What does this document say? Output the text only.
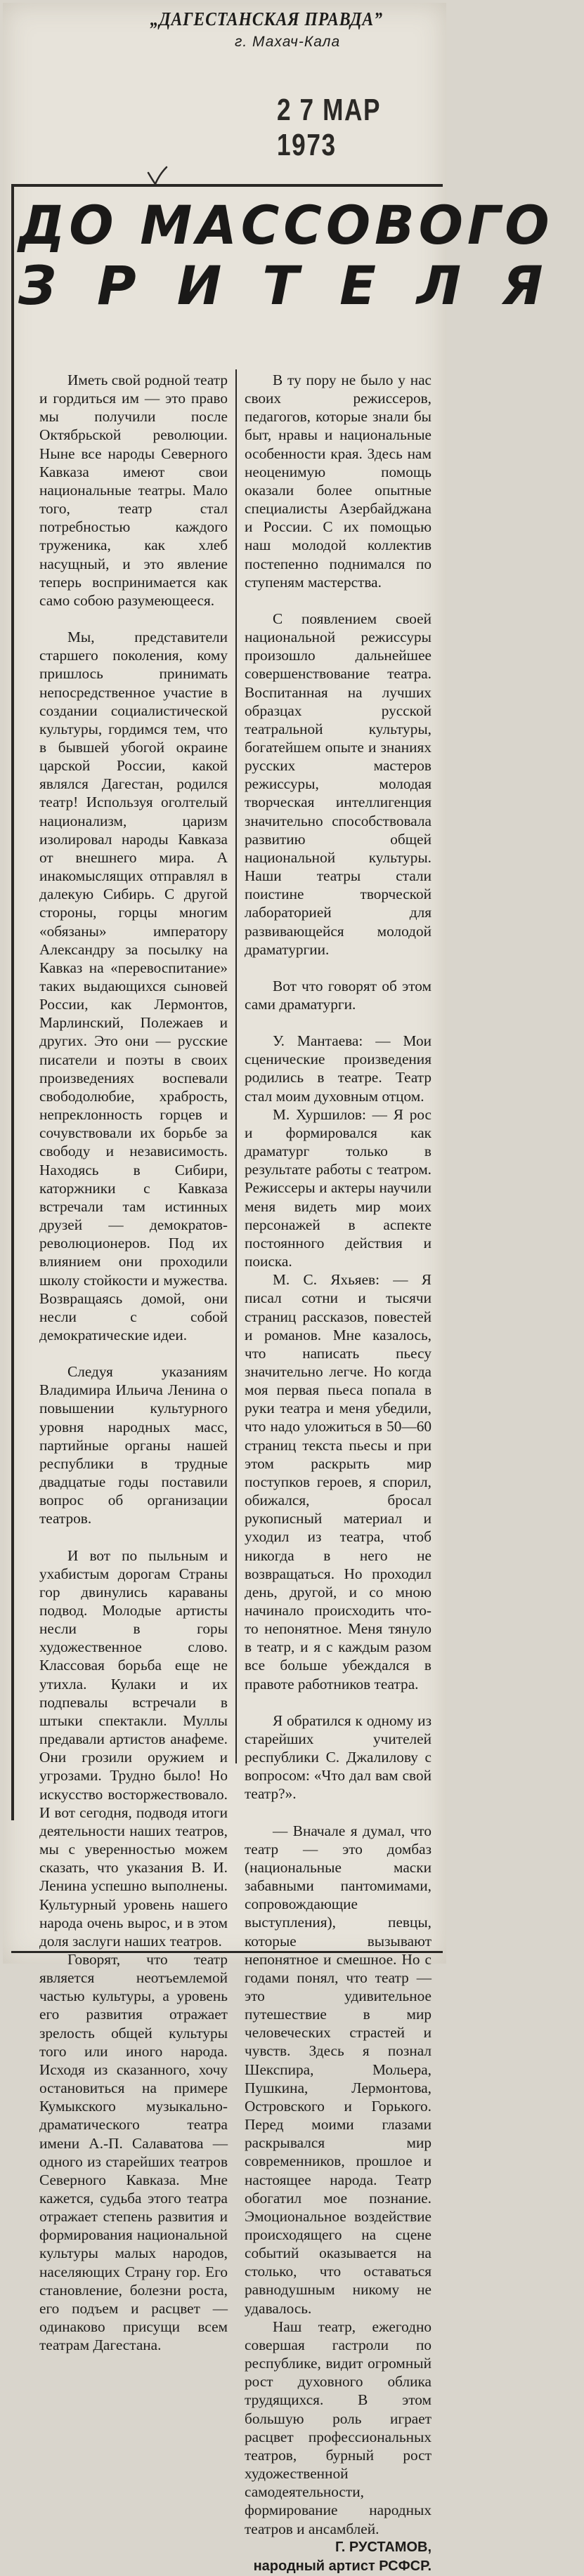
„ДАГЕСТАНСКАЯ ПРАВДА”
г. Махач-Кала
2 7 МАР 1973
ДО МАССОВОГО
ЗРИТЕЛЯ

Иметь свой родной театр и гордиться им — это право мы получили после Октябрьской революции. Ныне все народы Северного Кавказа имеют свои национальные театры. Мало того, театр стал потребностью каждого труженика, как хлеб насущный, и это явление теперь воспринимается как само собою разумеющееся.

Мы, представители старшего поколения, кому пришлось принимать непосредственное участие в создании социалистической культуры, гордимся тем, что в бывшей убогой окраине царской России, какой являлся Дагестан, родился театр! Используя оголтелый национализм, царизм изолировал народы Кавказа от внешнего мира. А инакомыслящих отправлял в далекую Сибирь. С другой стороны, горцы многим «обязаны» императору Александру за посылку на Кавказ на «перевоспитание» таких выдающихся сыновей России, как Лермонтов, Марлинский, Полежаев и других. Это они — русские писатели и поэты в своих произведениях воспевали свободолюбие, храбрость, непреклонность горцев и сочувствовали их борьбе за свободу и независимость. Находясь в Сибири, каторжники с Кавказа встречали там истинных друзей — демократов-революционеров. Под их влиянием они проходили школу стойкости и мужества. Возвращаясь домой, они несли с собой демократические идеи.

Следуя указаниям Владимира Ильича Ленина о повышении культурного уровня народных масс, партийные органы нашей республики в трудные двадцатые годы поставили вопрос об организации театров.

И вот по пыльным и ухабистым дорогам Страны гор двинулись караваны подвод. Молодые артисты несли в горы художественное слово. Классовая борьба еще не утихла. Кулаки и их подпевалы встречали в штыки спектакли. Муллы предавали артистов анафеме. Они грозили оружием и угрозами. Трудно было! Но искусство восторжествовало. И вот сегодня, подводя итоги деятельности наших театров, мы с уверенностью можем сказать, что указания В. И. Ленина успешно выполнены. Культурный уровень нашего народа очень вырос, и в этом доля заслуги наших театров.

Говорят, что театр является неотъемлемой частью культуры, а уровень его развития отражает зрелость общей культуры того или иного народа. Исходя из сказанного, хочу остановиться на примере Кумыкского музыкально-драматического театра имени А.-П. Салаватова — одного из старейших театров Северного Кавказа. Мне кажется, судьба этого театра отражает степень развития и формирования национальной культуры малых народов, населяющих Страну гор. Его становление, болезни роста, его подъем и расцвет — одинаково присущи всем театрам Дагестана.

В ту пору не было у нас своих режиссеров, педагогов, которые знали бы быт, нравы и национальные особенности края. Здесь нам неоценимую помощь оказали более опытные специалисты Азербайджана и России. С их помощью наш молодой коллектив постепенно поднимался по ступеням мастерства.

С появлением своей национальной режиссуры произошло дальнейшее совершенствование театра. Воспитанная на лучших образцах русской театральной культуры, богатейшем опыте и знаниях русских мастеров режиссуры, молодая творческая интеллигенция значительно способствовала развитию общей национальной культуры. Наши театры стали поистине творческой лабораторией для развивающейся молодой драматургии.

Вот что говорят об этом сами драматурги.

У. Мантаева: — Мои сценические произведения родились в театре. Театр стал моим духовным отцом.

М. Хуршилов: — Я рос и формировался как драматург только в результате работы с театром. Режиссеры и актеры научили меня видеть мир моих персонажей в аспекте постоянного действия и поиска.

М. С. Яхьяев: — Я писал сотни и тысячи страниц рассказов, повестей и романов. Мне казалось, что написать пьесу значительно легче. Но когда моя первая пьеса попала в руки театра и меня убедили, что надо уложиться в 50—60 страниц текста пьесы и при этом раскрыть мир поступков героев, я спорил, обижался, бросал рукописный материал и уходил из театра, чтоб никогда в него не возвращаться. Но проходил день, другой, и со мною начинало происходить что-то непонятное. Меня тянуло в театр, и я с каждым разом все больше убеждался в правоте работников театра.

Я обратился к одному из старейших учителей республики С. Джалилову с вопросом: «Что дал вам свой театр?».

— Вначале я думал, что театр — это домбаз (национальные маски забавными пантомимами, сопровождающие выступления), певцы, которые вызывают непонятное и смешное. Но с годами понял, что театр — это удивительное путешествие в мир человеческих страстей и чувств. Здесь я познал Шекспира, Мольера, Пушкина, Лермонтова, Островского и Горького. Перед моими глазами раскрывался мир современников, прошлое и настоящее народа. Театр обогатил мое познание. Эмоциональное воздействие происходящего на сцене событий оказывается на столько, что оставаться равнодушным никому не удавалось.

Наш театр, ежегодно совершая гастроли по республике, видит огромный рост духовного облика трудящихся. В этом большую роль играет расцвет профессиональных театров, бурный рост художественной самодеятельности, формирование народных театров и ансамблей.

Г. РУСТАМОВ,
народный артист РСФСР.
